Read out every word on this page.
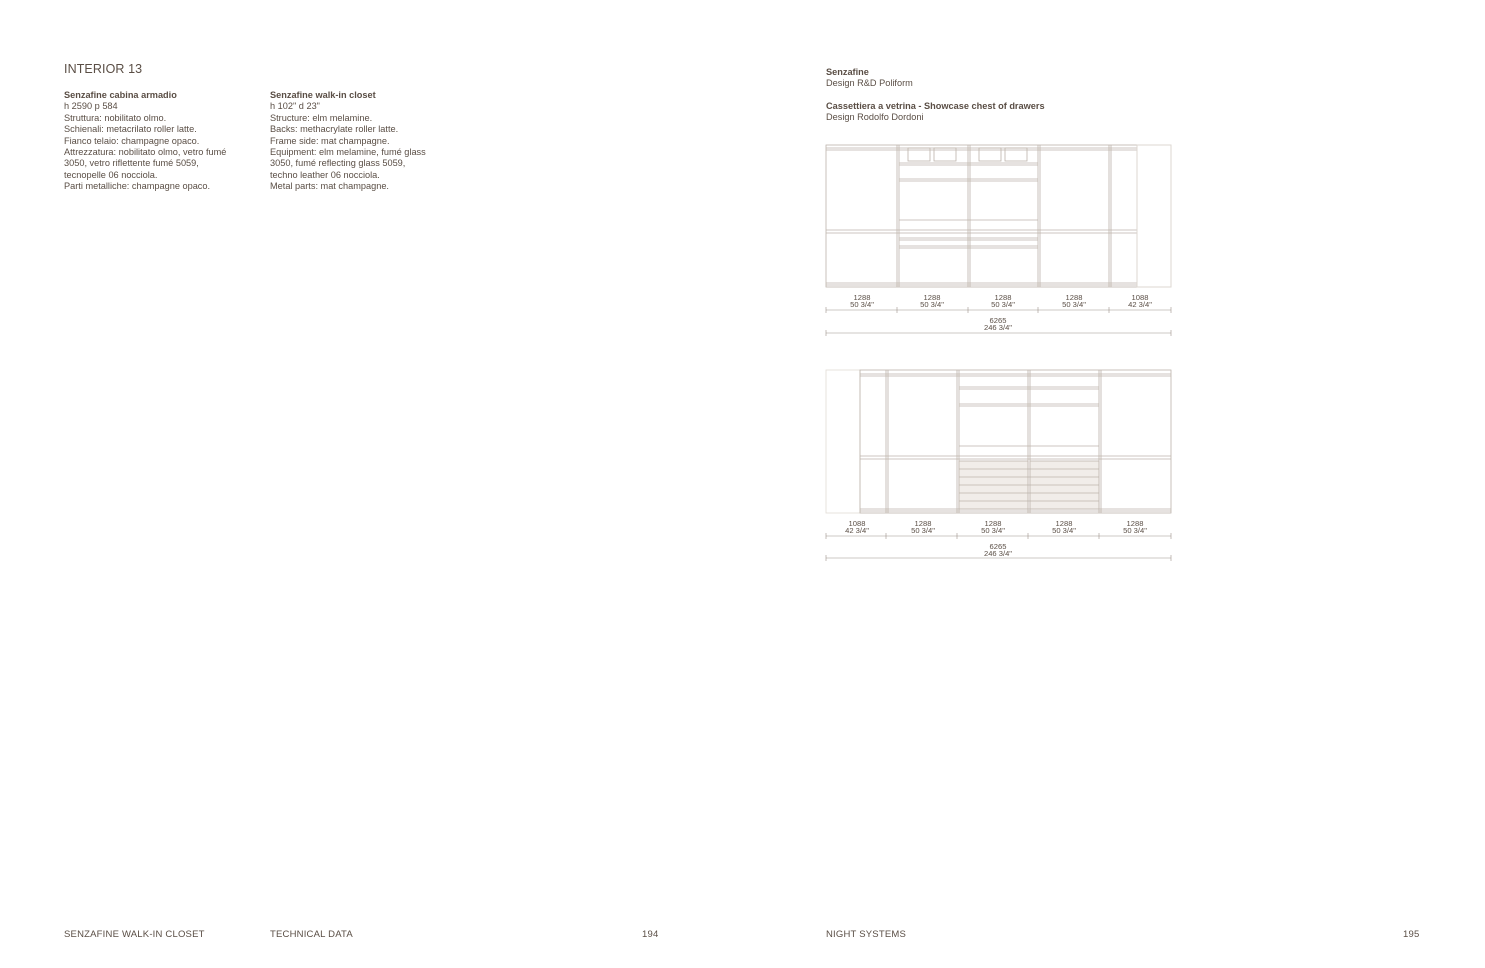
INTERIOR 13
Senzafine cabina armadio
h 2590 p 584
Struttura: nobilitato olmo.
Schienali: metacrilato roller latte.
Fianco telaio: champagne opaco.
Attrezzatura: nobilitato olmo, vetro fumé
3050, vetro riflettente fumé 5059,
tecnopelle 06 nocciola.
Parti metalliche: champagne opaco.
Senzafine walk-in closet
h 102" d 23"
Structure: elm melamine.
Backs: methacrylate roller latte.
Frame side: mat champagne.
Equipment: elm melamine, fumé glass
3050, fumé reflecting glass 5059,
techno leather 06 nocciola.
Metal parts: mat champagne.
Senzafine
Design R&D Poliform
Cassettiera a vetrina - Showcase chest of drawers
Design Rodolfo Dordoni
1288
50 3/4"
1288
50 3/4"
1288
50 3/4"
1288
50 3/4"
1088
42 3/4"
6265
246 3/4"
1088
42 3/4"
1288
50 3/4"
1288
50 3/4"
1288
50 3/4"
1288
50 3/4"
6265
246 3/4"
SENZAFINE WALK-IN CLOSET	TECHNICAL DATA	194	NIGHT SYSTEMS	195
